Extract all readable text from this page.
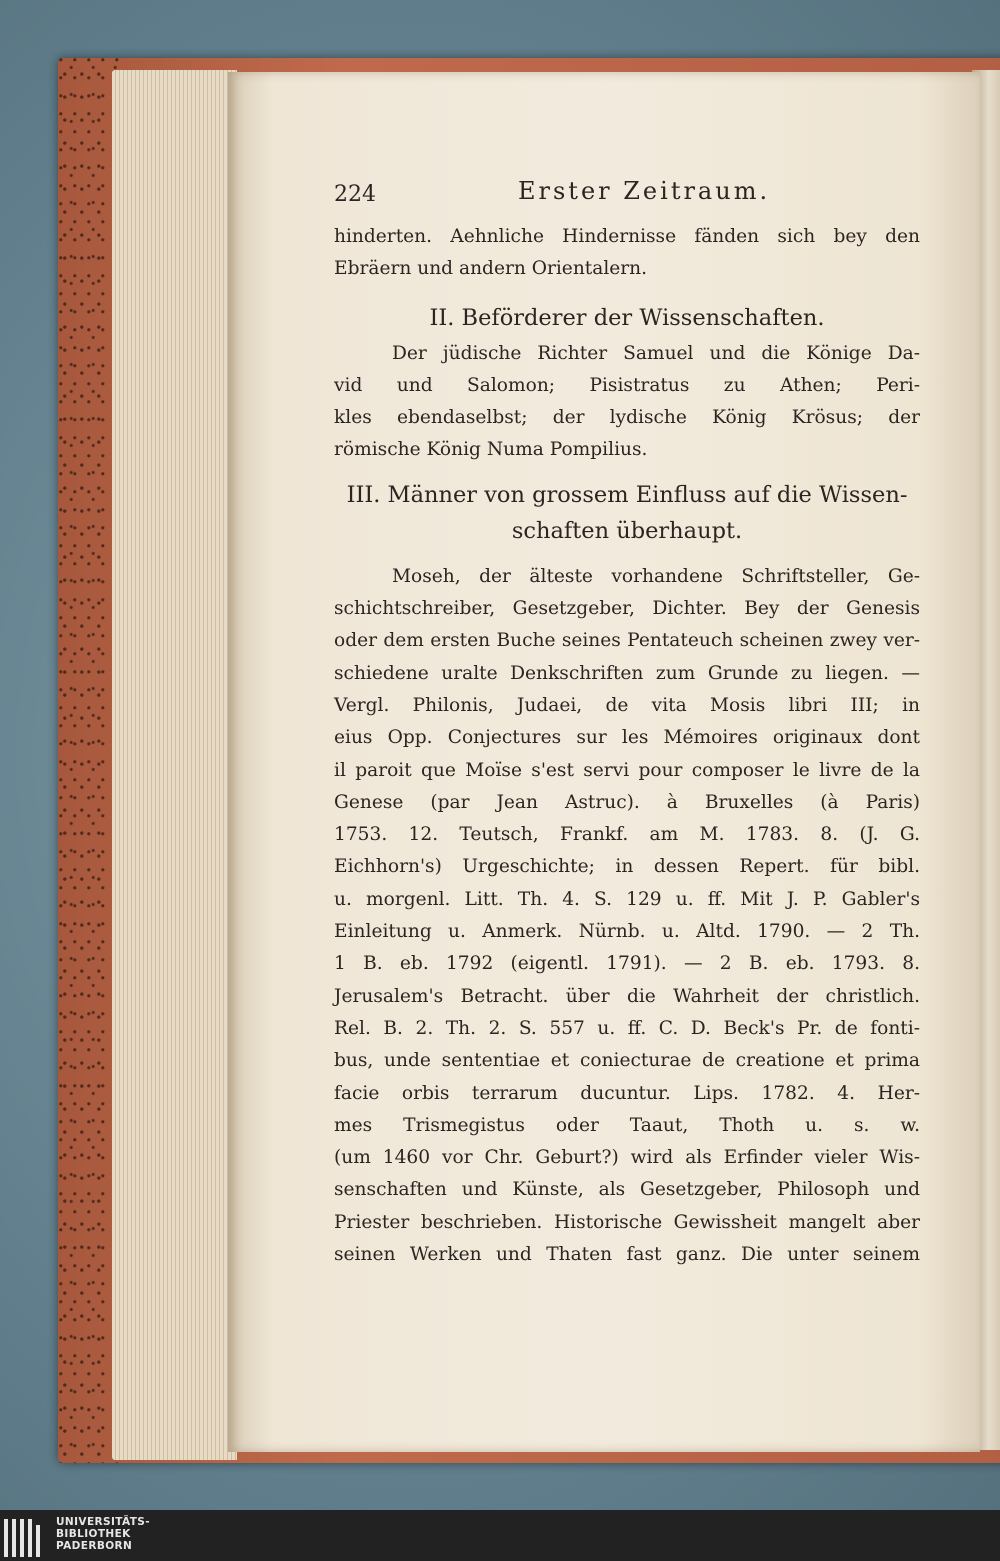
224	Erster Zeitraum.
hinderten. Aehnliche Hindernisse fänden sich bey den
Ebräern und andern Orientalern.
II. Beförderer der Wissenschaften.
Der jüdische Richter Samuel und die Könige Da-
vid und Salomon; Pisistratus zu Athen; Peri-
kles ebendaselbst; der lydische König Krösus; der
römische König Numa Pompilius.
III. Männer von grossem Einfluss auf die Wissen-
schaften überhaupt.
Moseh, der älteste vorhandene Schriftsteller, Ge-
schichtschreiber, Gesetzgeber, Dichter. Bey der Genesis
oder dem ersten Buche seines Pentateuch scheinen zwey ver-
schiedene uralte Denkschriften zum Grunde zu liegen. —
Vergl. Philonis, Judaei, de vita Mosis libri III; in
eius Opp. Conjectures sur les Mémoires originaux dont
il paroit que Moïse s'est servi pour composer le livre de la
Genese (par Jean Astruc). à Bruxelles (à Paris)
1753. 12. Teutsch, Frankf. am M. 1783. 8. (J. G.
Eichhorn's) Urgeschichte; in dessen Repert. für bibl.
u. morgenl. Litt. Th. 4. S. 129 u. ff. Mit J. P. Gabler's
Einleitung u. Anmerk. Nürnb. u. Altd. 1790. — 2 Th.
1 B. eb. 1792 (eigentl. 1791). — 2 B. eb. 1793. 8.
Jerusalem's Betracht. über die Wahrheit der christlich.
Rel. B. 2. Th. 2. S. 557 u. ff. C. D. Beck's Pr. de fonti-
bus, unde sententiae et coniecturae de creatione et prima
facie orbis terrarum ducuntur. Lips. 1782. 4. Her-
mes Trismegistus oder Taaut, Thoth u. s. w.
(um 1460 vor Chr. Geburt?) wird als Erfinder vieler Wis-
senschaften und Künste, als Gesetzgeber, Philosoph und
Priester beschrieben. Historische Gewissheit mangelt aber
seinen Werken und Thaten fast ganz. Die unter seinem
UNIVERSITÄTS-
BIBLIOTHEK
PADERBORN
